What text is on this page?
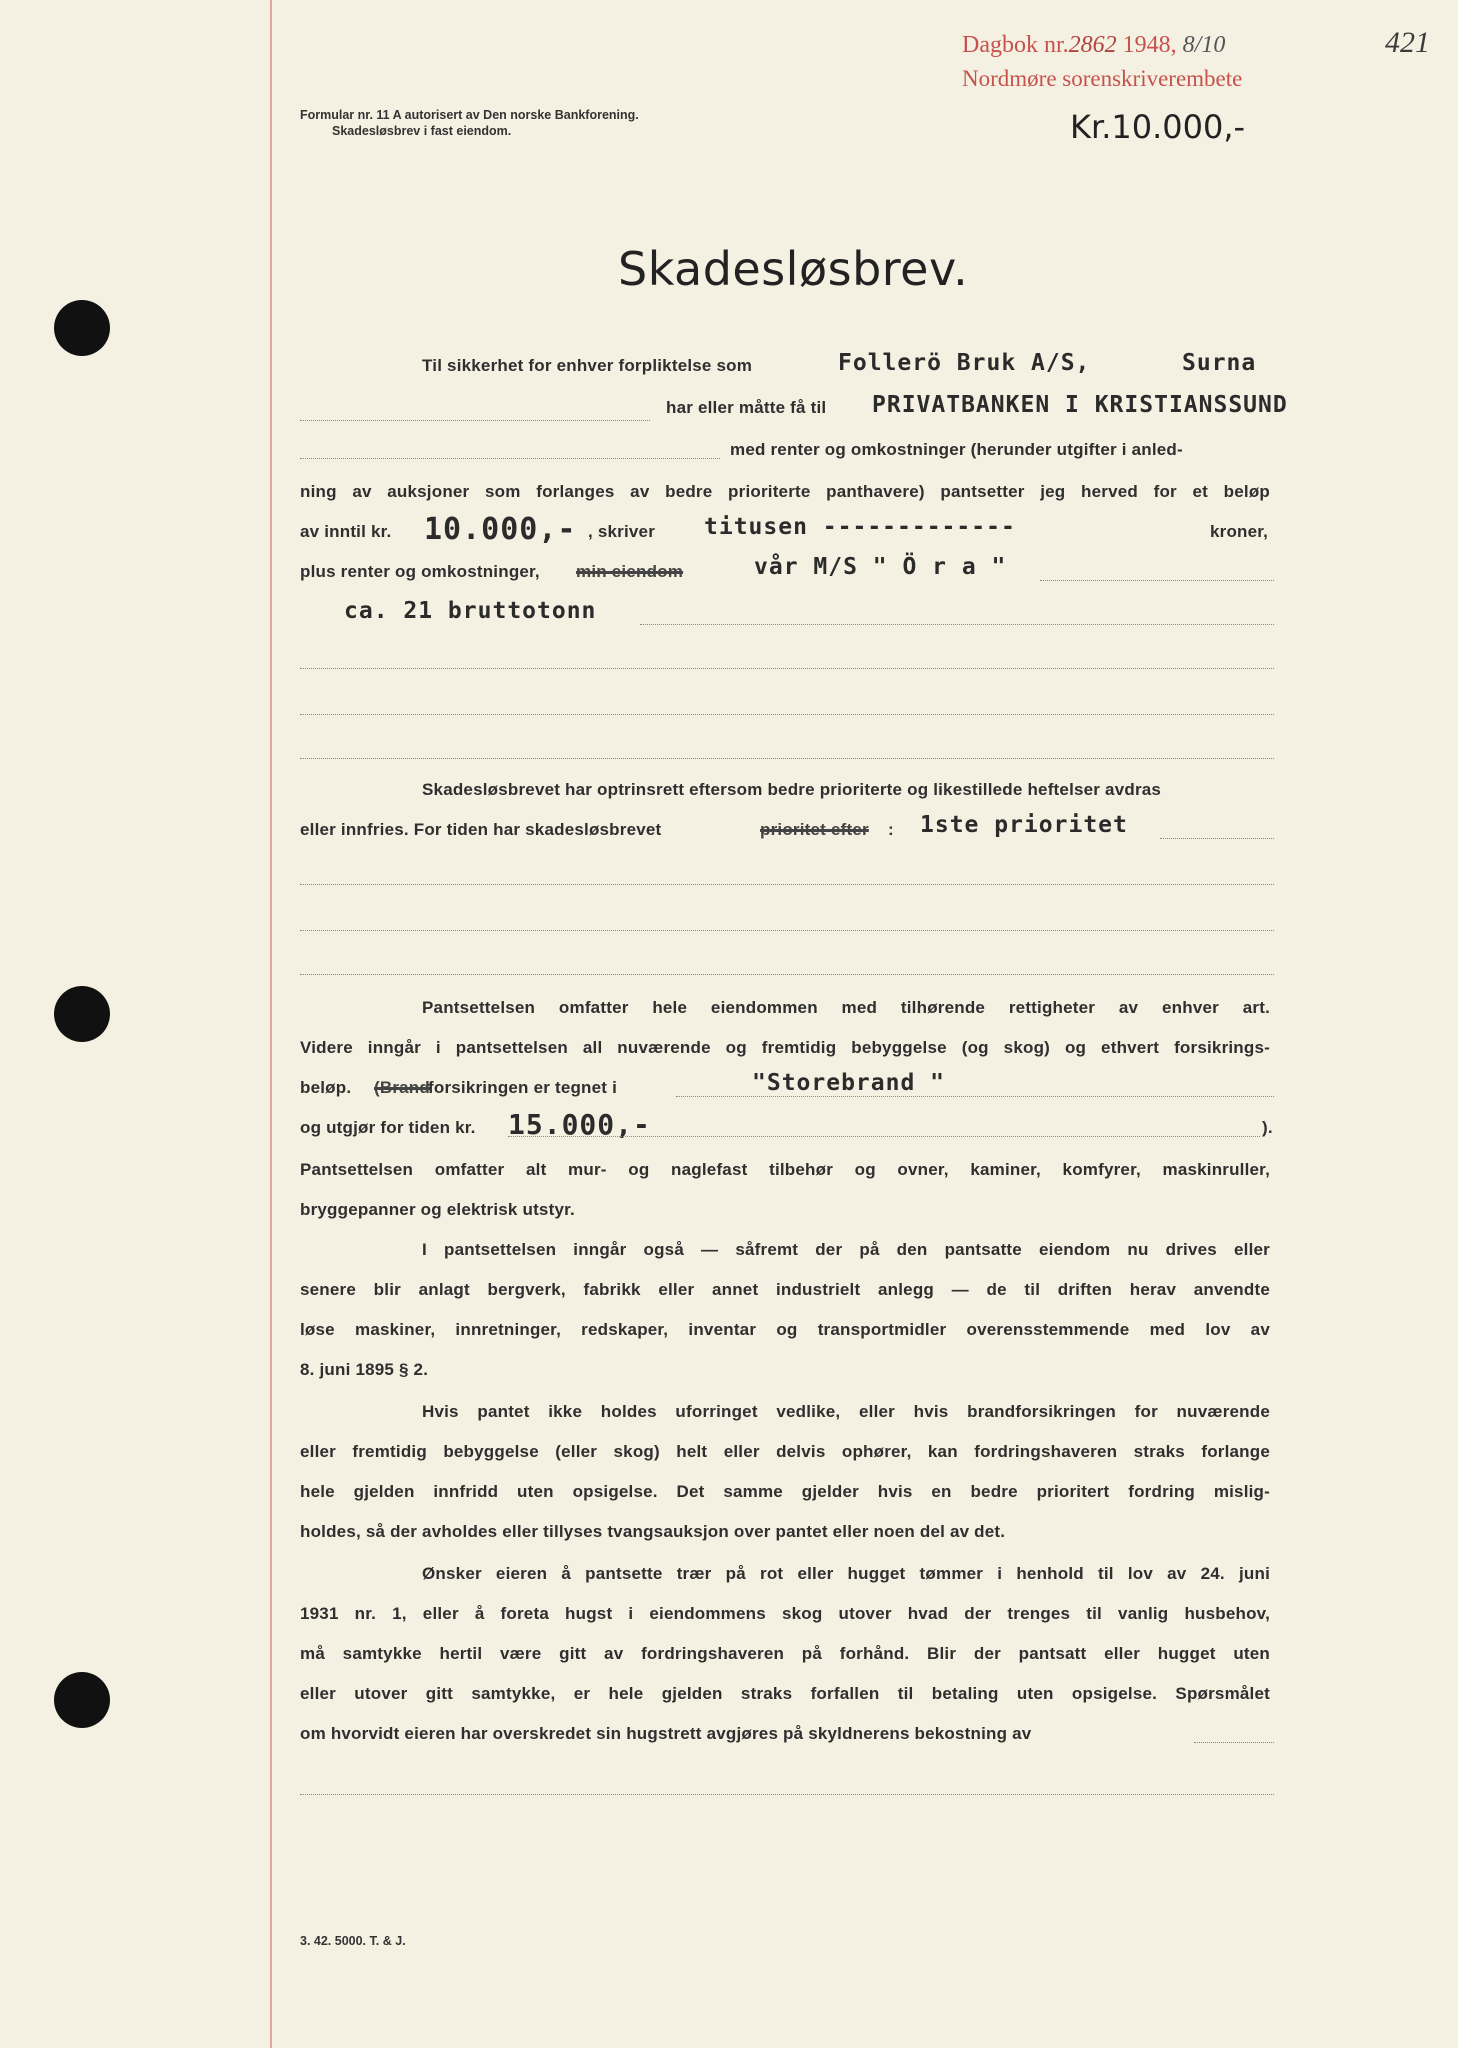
Dagbok nr.2862 1948, 8/10
Nordmøre sorenskriverembete
421
Formular nr. 11 A autorisert av Den norske Bankforening.
Skadesløsbrev i fast eiendom.	Kr.10.000,-
Skadesløsbrev.
Til sikkerhet for enhver forpliktelse som	Follerö Bruk A/S,	Surna
har eller måtte få til PRIVATBANKEN I KRISTIANSSUND
med renter og omkostninger (herunder utgifter i anled-
ning av auksjoner som forlanges av bedre prioriterte panthavere) pantsetter jeg herved for et beløp
av inntil kr. 10.000,- , skriver titusen -------------	kroner,
plus renter og omkostninger, min eiendom	vår M/S " Ö r a "
ca. 21 bruttotonn
Skadesløsbrevet har optrinsrett eftersom bedre prioriterte og likestillede heftelser avdras
eller innfries. For tiden har skadesløsbrevet	prioritet efter : 1ste prioritet
Pantsettelsen omfatter hele eiendommen med tilhørende rettigheter av enhver art.
Videre inngår i pantsettelsen all nuværende og fremtidig bebyggelse (og skog) og ethvert forsikrings-
beløp. (Brand
forsikringen er tegnet i	"Storebrand "
og utgjør for tiden kr. 15.000,-	).
Pantsettelsen omfatter alt mur- og naglefast tilbehør og ovner, kaminer, komfyrer, maskinruller,
bryggepanner og elektrisk utstyr.
I pantsettelsen inngår også — såfremt der på den pantsatte eiendom nu drives eller
senere blir anlagt bergverk, fabrikk eller annet industrielt anlegg — de til driften herav anvendte
løse maskiner, innretninger, redskaper, inventar og transportmidler overensstemmende med lov av
8. juni 1895 § 2.
Hvis pantet ikke holdes uforringet vedlike, eller hvis brandforsikringen for nuværende
eller fremtidig bebyggelse (eller skog) helt eller delvis ophører, kan fordringshaveren straks forlange
hele gjelden innfridd uten opsigelse. Det samme gjelder hvis en bedre prioritert fordring mislig-
holdes, så der avholdes eller tillyses tvangsauksjon over pantet eller noen del av det.
Ønsker eieren å pantsette trær på rot eller hugget tømmer i henhold til lov av 24. juni
1931 nr. 1, eller å foreta hugst i eiendommens skog utover hvad der trenges til vanlig husbehov,
må samtykke hertil være gitt av fordringshaveren på forhånd. Blir der pantsatt eller hugget uten
eller utover gitt samtykke, er hele gjelden straks forfallen til betaling uten opsigelse. Spørsmålet
om hvorvidt eieren har overskredet sin hugstrett avgjøres på skyldnerens bekostning av
3. 42. 5000. T. & J.
